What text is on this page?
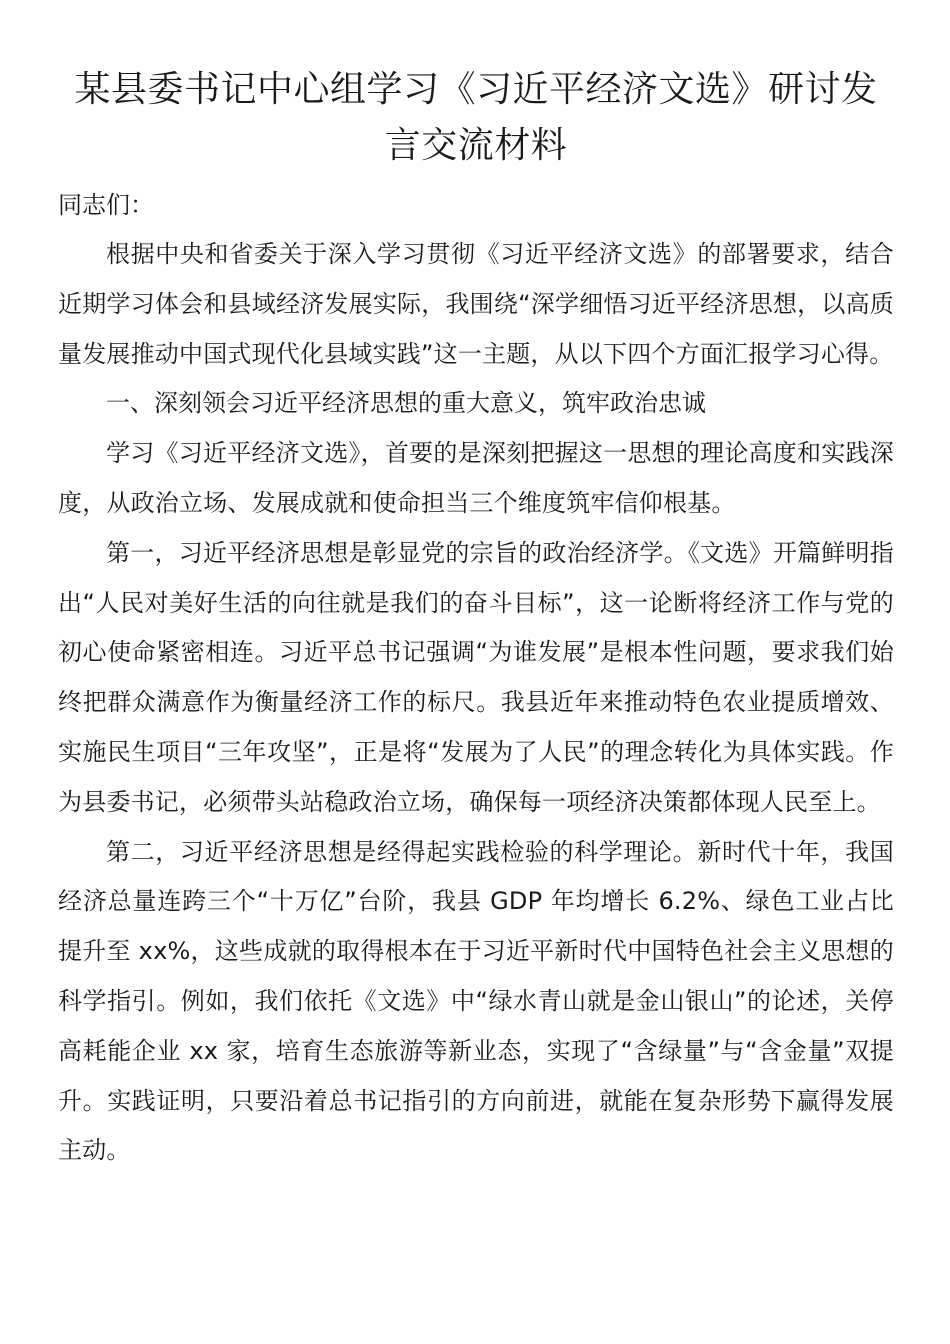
某县委书记中心组学习《习近平经济文选》研讨发言交流材料

同志们：

根据中央和省委关于深入学习贯彻《习近平经济文选》的部署要求，结合近期学习体会和县域经济发展实际，我围绕“深学细悟习近平经济思想，以高质量发展推动中国式现代化县域实践”这一主题，从以下四个方面汇报学习心得。

一、深刻领会习近平经济思想的重大意义，筑牢政治忠诚

学习《习近平经济文选》，首要的是深刻把握这一思想的理论高度和实践深度，从政治立场、发展成就和使命担当三个维度筑牢信仰根基。

第一，习近平经济思想是彰显党的宗旨的政治经济学。《文选》开篇鲜明指出“人民对美好生活的向往就是我们的奋斗目标”，这一论断将经济工作与党的初心使命紧密相连。习近平总书记强调“为谁发展”是根本性问题，要求我们始终把群众满意作为衡量经济工作的标尺。我县近年来推动特色农业提质增效、实施民生项目“三年攻坚”，正是将“发展为了人民”的理念转化为具体实践。作为县委书记，必须带头站稳政治立场，确保每一项经济决策都体现人民至上。

第二，习近平经济思想是经得起实践检验的科学理论。新时代十年，我国经济总量连跨三个“十万亿”台阶，我县 GDP 年均增长 6.2%、绿色工业占比提升至 xx%，这些成就的取得根本在于习近平新时代中国特色社会主义思想的科学指引。例如，我们依托《文选》中“绿水青山就是金山银山”的论述，关停高耗能企业 xx 家，培育生态旅游等新业态，实现了“含绿量”与“含金量”双提升。实践证明，只要沿着总书记指引的方向前进，就能在复杂形势下赢得发展主动。
